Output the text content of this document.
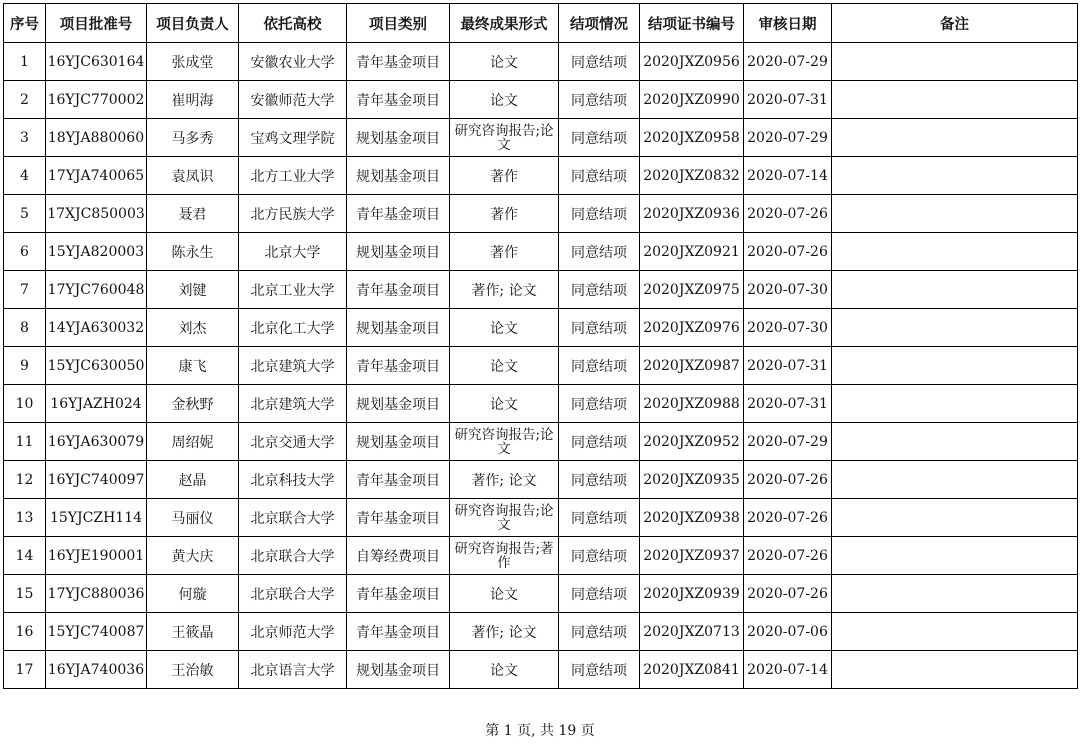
序号	项目批准号	项目负责人	依托高校	项目类别	最终成果形式	结项情况	结项证书编号	审核日期	备注
1	16YJC630164	张成堂	安徽农业大学	青年基金项目	论文	同意结项	2020JXZ0956	2020-07-29	
2	16YJC770002	崔明海	安徽师范大学	青年基金项目	论文	同意结项	2020JXZ0990	2020-07-31	
3	18YJA880060	马多秀	宝鸡文理学院	规划基金项目	研究咨询报告;论文	同意结项	2020JXZ0958	2020-07-29	
4	17YJA740065	袁凤识	北方工业大学	规划基金项目	著作	同意结项	2020JXZ0832	2020-07-14	
5	17XJC850003	聂君	北方民族大学	青年基金项目	著作	同意结项	2020JXZ0936	2020-07-26	
6	15YJA820003	陈永生	北京大学	规划基金项目	著作	同意结项	2020JXZ0921	2020-07-26	
7	17YJC760048	刘键	北京工业大学	青年基金项目	著作; 论文	同意结项	2020JXZ0975	2020-07-30	
8	14YJA630032	刘杰	北京化工大学	规划基金项目	论文	同意结项	2020JXZ0976	2020-07-30	
9	15YJC630050	康飞	北京建筑大学	青年基金项目	论文	同意结项	2020JXZ0987	2020-07-31	
10	16YJAZH024	金秋野	北京建筑大学	规划基金项目	论文	同意结项	2020JXZ0988	2020-07-31	
11	16YJA630079	周绍妮	北京交通大学	规划基金项目	研究咨询报告;论文	同意结项	2020JXZ0952	2020-07-29	
12	16YJC740097	赵晶	北京科技大学	青年基金项目	著作; 论文	同意结项	2020JXZ0935	2020-07-26	
13	15YJCZH114	马丽仪	北京联合大学	青年基金项目	研究咨询报告;论文	同意结项	2020JXZ0938	2020-07-26	
14	16YJE190001	黄大庆	北京联合大学	自筹经费项目	研究咨询报告;著作	同意结项	2020JXZ0937	2020-07-26	
15	17YJC880036	何璇	北京联合大学	青年基金项目	论文	同意结项	2020JXZ0939	2020-07-26	
16	15YJC740087	王筱晶	北京师范大学	青年基金项目	著作; 论文	同意结项	2020JXZ0713	2020-07-06	
17	16YJA740036	王治敏	北京语言大学	规划基金项目	论文	同意结项	2020JXZ0841	2020-07-14	
第 1 页, 共 19 页
